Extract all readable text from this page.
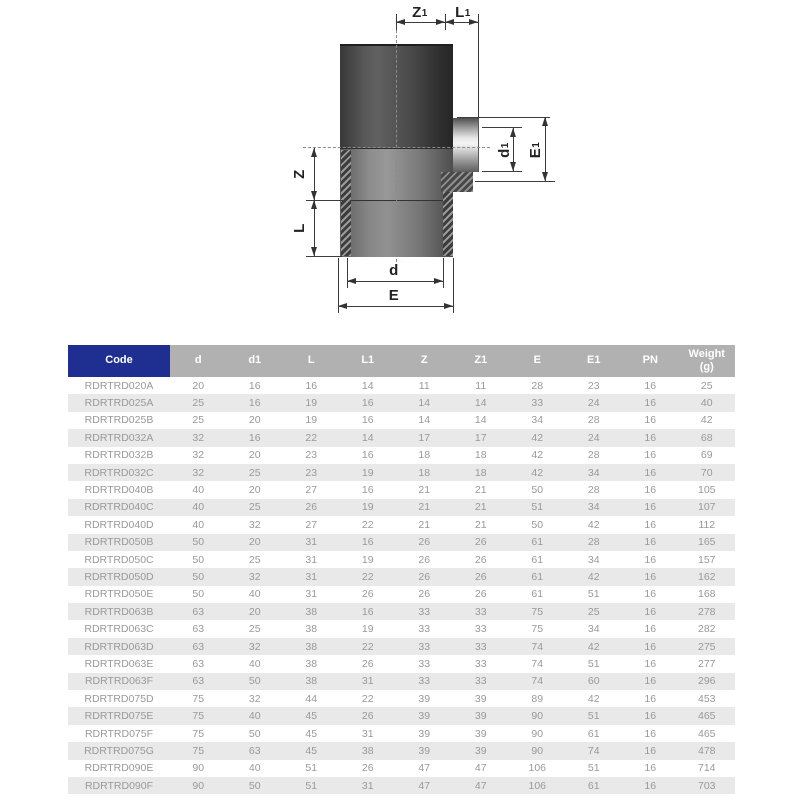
Z 1 L 1
d
1
E
1
Z
L
d
E
Code	d	d1	L	L1	Z	Z1	E	E1	PN	Weight (g)
RDRTRD020A	20	16	16	14	11	11	28	23	16	25
RDRTRD025A	25	16	19	16	14	14	33	24	16	40
RDRTRD025B	25	20	19	16	14	14	34	28	16	42
RDRTRD032A	32	16	22	14	17	17	42	24	16	68
RDRTRD032B	32	20	23	16	18	18	42	28	16	69
RDRTRD032C	32	25	23	19	18	18	42	34	16	70
RDRTRD040B	40	20	27	16	21	21	50	28	16	105
RDRTRD040C	40	25	26	19	21	21	51	34	16	107
RDRTRD040D	40	32	27	22	21	21	50	42	16	112
RDRTRD050B	50	20	31	16	26	26	61	28	16	165
RDRTRD050C	50	25	31	19	26	26	61	34	16	157
RDRTRD050D	50	32	31	22	26	26	61	42	16	162
RDRTRD050E	50	40	31	26	26	26	61	51	16	168
RDRTRD063B	63	20	38	16	33	33	75	25	16	278
RDRTRD063C	63	25	38	19	33	33	75	34	16	282
RDRTRD063D	63	32	38	22	33	33	74	42	16	275
RDRTRD063E	63	40	38	26	33	33	74	51	16	277
RDRTRD063F	63	50	38	31	33	33	74	60	16	296
RDRTRD075D	75	32	44	22	39	39	89	42	16	453
RDRTRD075E	75	40	45	26	39	39	90	51	16	465
RDRTRD075F	75	50	45	31	39	39	90	61	16	465
RDRTRD075G	75	63	45	38	39	39	90	74	16	478
RDRTRD090E	90	40	51	26	47	47	106	51	16	714
RDRTRD090F	90	50	51	31	47	47	106	61	16	703
